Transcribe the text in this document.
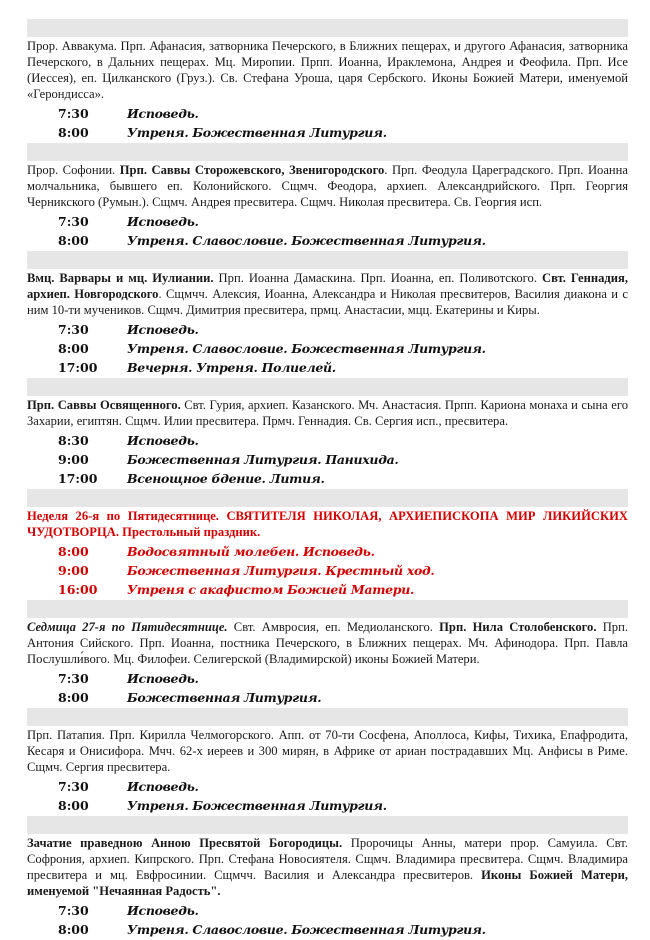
Прор. Аввакума. Прп. Афанасия, затворника Печерского, в Ближних пещерах, и другого Афанасия, затворника Печерского, в Дальних пещерах. Мц. Миропии. Прпп. Иоанна, Ираклемона, Андрея и Феофила. Прп. Исе (Иессея), еп. Цилканского (Груз.). Св. Стефана Уроша, царя Сербского. Иконы Божией Матери, именуемой «Герондисса».

7:30	Исповедь.
8:00	Утреня. Божественная Литургия.

Прор. Софонии. Прп. Саввы Сторожевского, Звенигородского. Прп. Феодула Цареградского. Прп. Иоанна молчальника, бывшего еп. Колонийского. Сщмч. Феодора, архиеп. Александрийского. Прп. Георгия Черникского (Румын.). Сщмч. Андрея пресвитера. Сщмч. Николая пресвитера. Св. Георгия исп.

7:30	Исповедь.
8:00	Утреня. Славословие. Божественная Литургия.

Вмц. Варвары и мц. Иулиании. Прп. Иоанна Дамаскина. Прп. Иоанна, еп. Поливотского. Свт. Геннадия, архиеп. Новгородского. Сщмчч. Алексия, Иоанна, Александра и Николая пресвитеров, Василия диакона и с ним 10-ти мучеников. Сщмч. Димитрия пресвитера, прмц. Анастасии, мцц. Екатерины и Киры.

7:30	Исповедь.
8:00	Утреня. Славословие. Божественная Литургия.
17:00 Вечерня. Утреня. Полиелей.

Прп. Саввы Освященного. Свт. Гурия, архиеп. Казанского. Мч. Анастасия. Прпп. Кариона монаха и сына его Захарии, египтян. Сщмч. Илии пресвитера. Прмч. Геннадия. Св. Сергия исп., пресвитера.

8:30	Исповедь.
9:00	Божественная Литургия. Панихида.
17:00 Всенощное бдение. Лития.

Неделя 26-я по Пятидесятнице. СВЯТИТЕЛЯ НИКОЛАЯ, АРХИЕПИСКОПА МИР ЛИКИЙСКИХ ЧУДОТВОРЦА. Престольный праздник.

8:00	Водосвятный молебен. Исповедь.
9:00	Божественная Литургия. Крестный ход.
16:00 Утреня с акафистом Божией Матери.

Седмица 27-я по Пятидесятнице. Свт. Амвросия, еп. Медиоланского. Прп. Нила Столобенского. Прп. Антония Сийского. Прп. Иоанна, постника Печерского, в Ближних пещерах. Мч. Афинодора. Прп. Павла Послушли́вого. Мц. Филофеи. Селигерской (Владимирской) иконы Божией Матери.

7:30	Исповедь.
8:00	Божественная Литургия.

Прп. Патапия. Прп. Кирилла Челмогорского. Апп. от 70-ти Сосфена, Аполлоса, Кифы, Тихика, Епафродита, Кесаря и Онисифора. Мчч. 62-х иереев и 300 мирян, в Африке от ариан пострадавших Мц. Анфисы в Риме. Сщмч. Сергия пресвитера.

7:30	Исповедь.
8:00	Утреня. Божественная Литургия.

Зачатие праведною Анною Пресвятой Богородицы. Пророчицы Анны, матери прор. Самуила. Свт. Софрония, архиеп. Кипрского. Прп. Стефана Новосиятеля. Сщмч. Владимира пресвитера. Сщмч. Владимира пресвитера и мц. Евфросинии. Сщмчч. Василия и Александра пресвитеров. Иконы Божией Матери, именуемой "Нечаянная Радость".

7:30	Исповедь.
8:00	Утреня. Славословие. Божественная Литургия.
